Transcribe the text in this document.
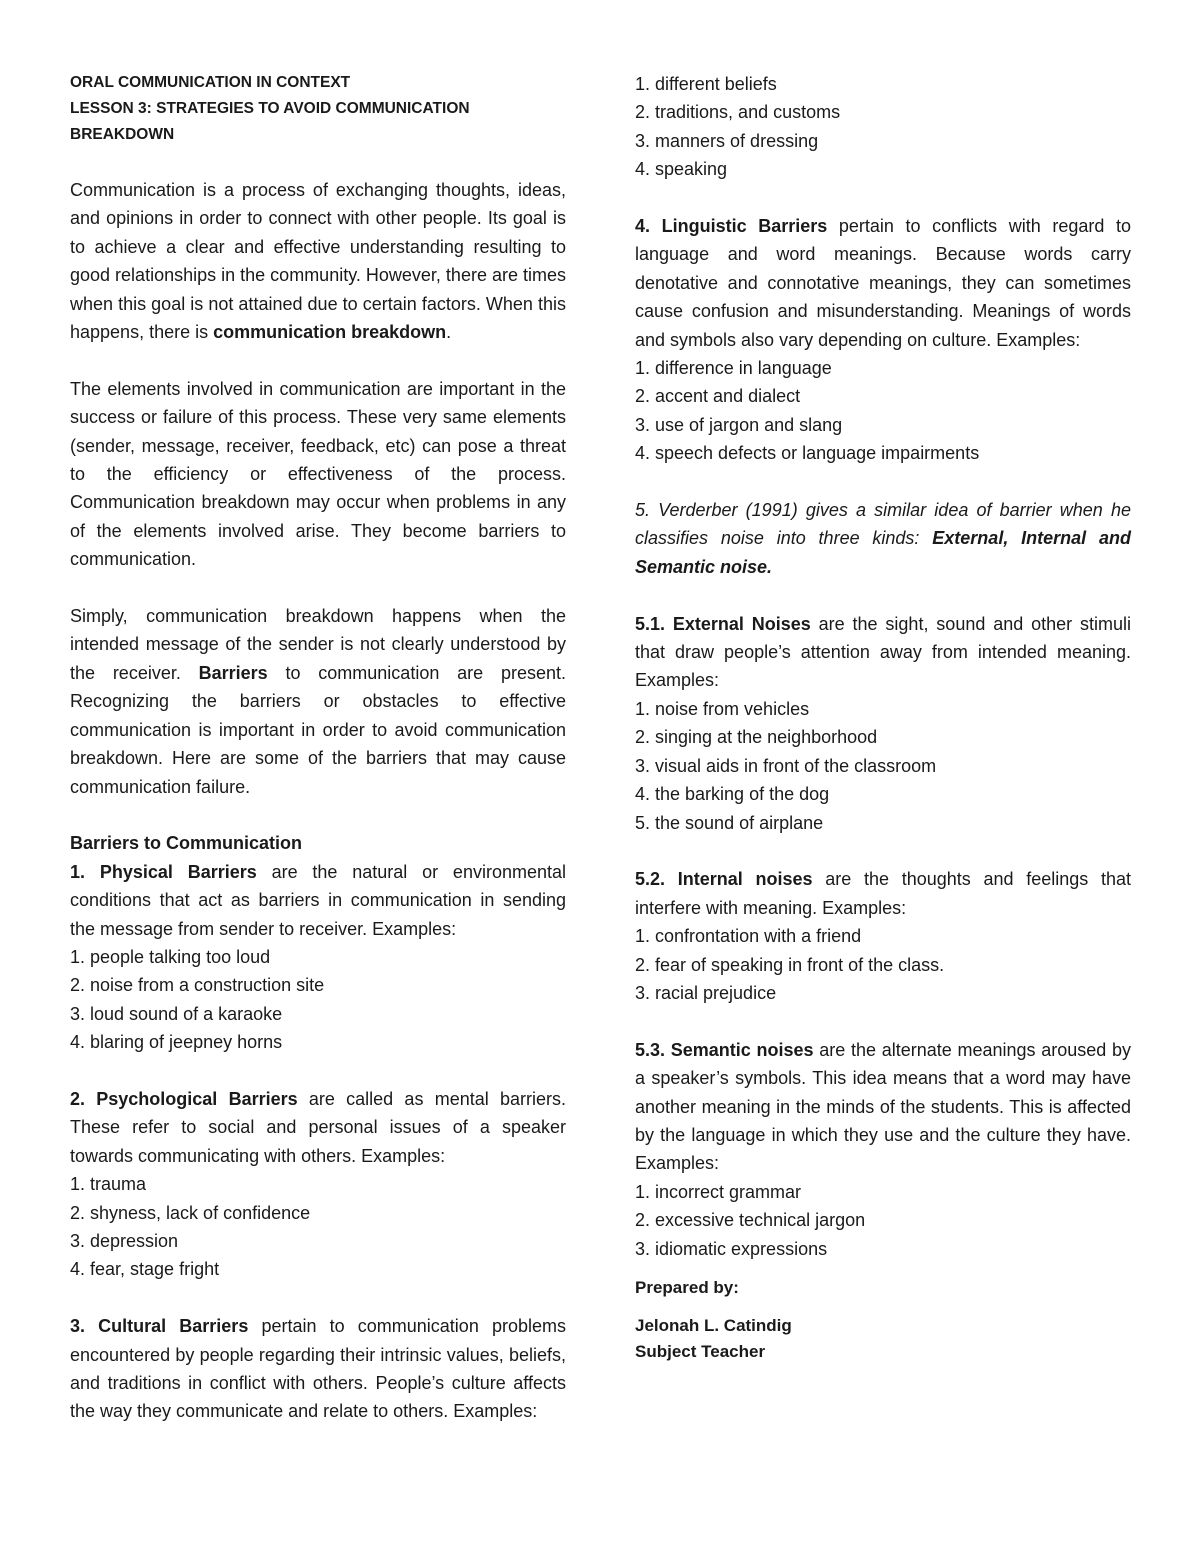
ORAL COMMUNICATION IN CONTEXT
LESSON 3: STRATEGIES TO AVOID COMMUNICATION BREAKDOWN

Communication is a process of exchanging thoughts, ideas, and opinions in order to connect with other people. Its goal is to achieve a clear and effective understanding resulting to good relationships in the community. However, there are times when this goal is not attained due to certain factors. When this happens, there is communication breakdown.

The elements involved in communication are important in the success or failure of this process. These very same elements (sender, message, receiver, feedback, etc) can pose a threat to the efficiency or effectiveness of the process. Communication breakdown may occur when problems in any of the elements involved arise. They become barriers to communication.

Simply, communication breakdown happens when the intended message of the sender is not clearly understood by the receiver. Barriers to communication are present. Recognizing the barriers or obstacles to effective communication is important in order to avoid communication breakdown. Here are some of the barriers that may cause communication failure.

Barriers to Communication

1. Physical Barriers are the natural or environmental conditions that act as barriers in communication in sending the message from sender to receiver. Examples:

1. people talking too loud
2. noise from a construction site
3. loud sound of a karaoke
4. blaring of jeepney horns

2. Psychological Barriers are called as mental barriers. These refer to social and personal issues of a speaker towards communicating with others. Examples:

1. trauma
2. shyness, lack of confidence
3. depression
4. fear, stage fright

3. Cultural Barriers pertain to communication problems encountered by people regarding their intrinsic values, beliefs, and traditions in conflict with others. People’s culture affects the way they communicate and relate to others. Examples:

1. different beliefs
2. traditions, and customs
3. manners of dressing
4. speaking

4. Linguistic Barriers pertain to conflicts with regard to language and word meanings. Because words carry denotative and connotative meanings, they can sometimes cause confusion and misunderstanding. Meanings of words and symbols also vary depending on culture. Examples:

1. difference in language
2. accent and dialect
3. use of jargon and slang
4. speech defects or language impairments

5. Verderber (1991) gives a similar idea of barrier when he classifies noise into three kinds: External, Internal and Semantic noise.

5.1. External Noises are the sight, sound and other stimuli that draw people’s attention away from intended meaning. Examples:

1. noise from vehicles
2. singing at the neighborhood
3. visual aids in front of the classroom
4. the barking of the dog
5. the sound of airplane

5.2. Internal noises are the thoughts and feelings that interfere with meaning. Examples:

1. confrontation with a friend
2. fear of speaking in front of the class.
3. racial prejudice

5.3. Semantic noises are the alternate meanings aroused by a speaker’s symbols. This idea means that a word may have another meaning in the minds of the students. This is affected by the language in which they use and the culture they have. Examples:

1. incorrect grammar
2. excessive technical jargon
3. idiomatic expressions
Prepared by:
Jelonah L. Catindig
Subject Teacher
